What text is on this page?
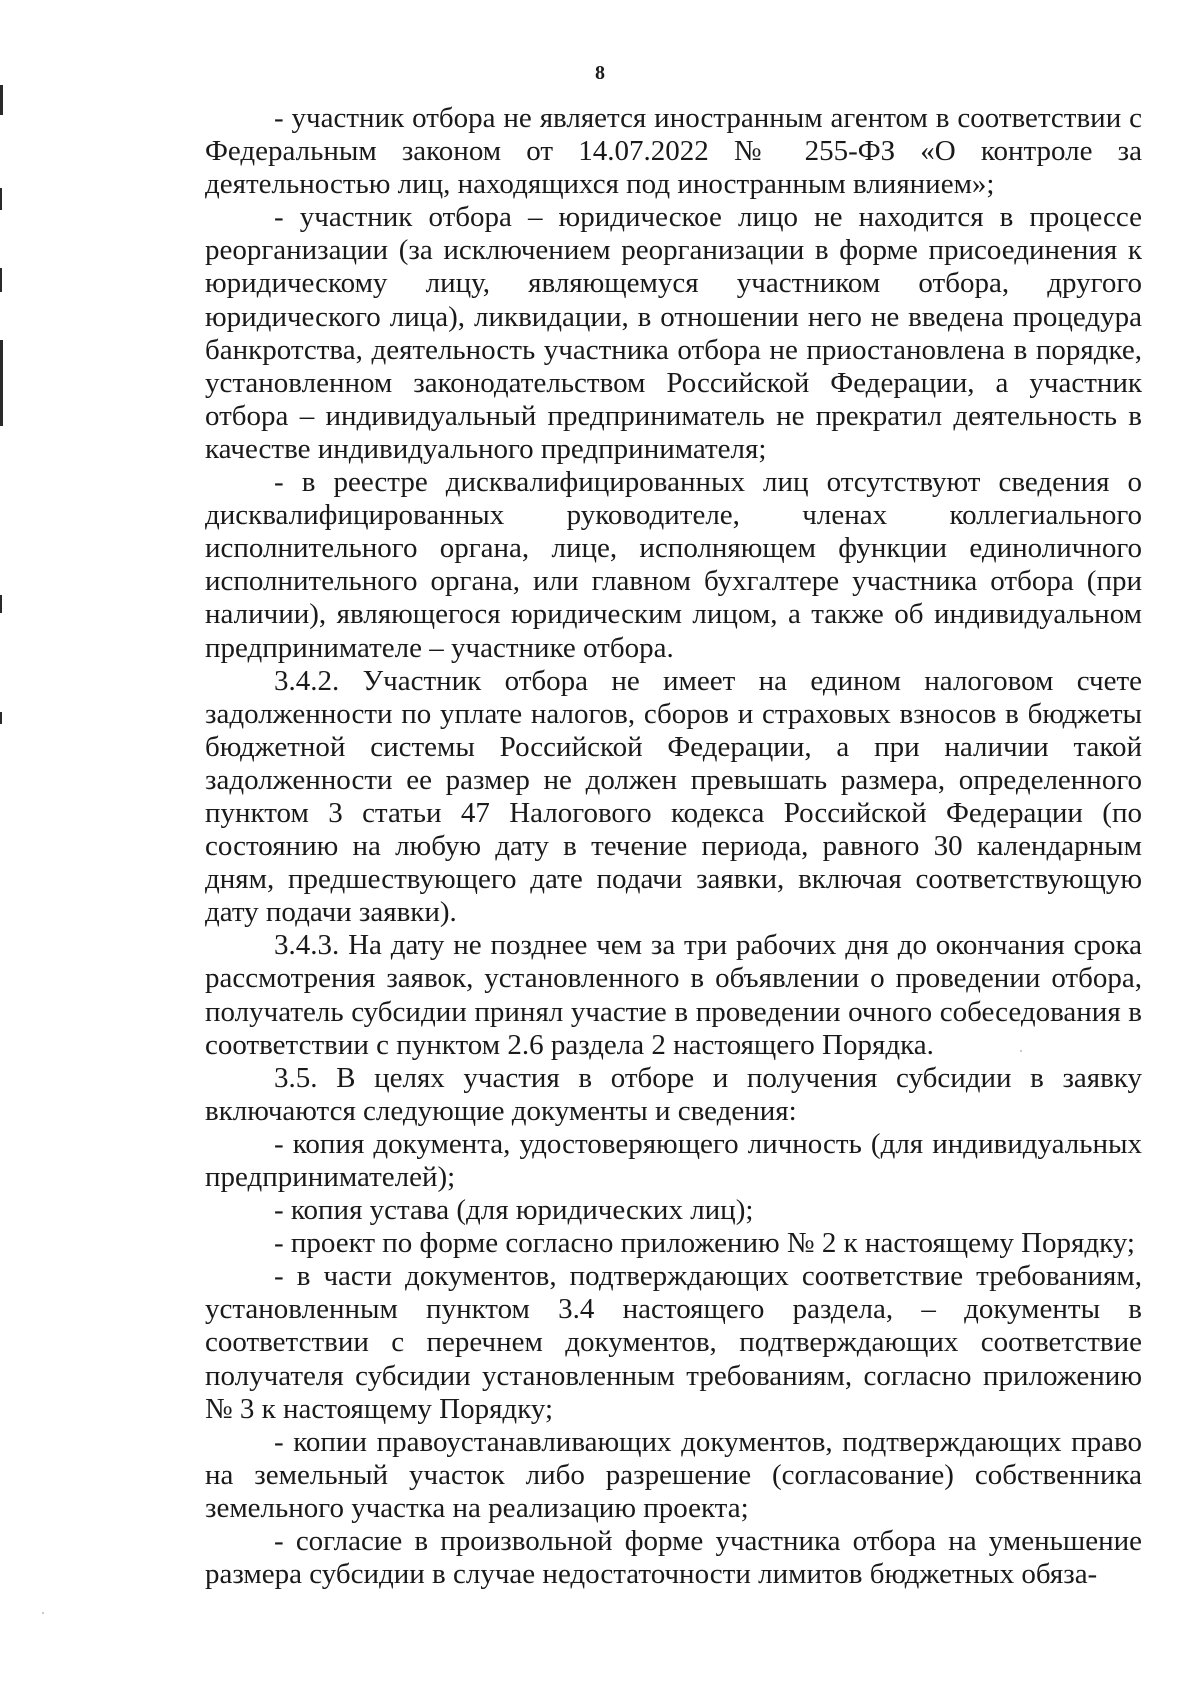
8

- участник отбора не является иностранным агентом в соответствии с Федеральным законом от 14.07.2022 № 255-ФЗ «О контроле за деятельностью лиц, находящихся под иностранным влиянием»;

- участник отбора – юридическое лицо не находится в процессе реорганизации (за исключением реорганизации в форме присоединения к юридическому лицу, являющемуся участником отбора, другого юридического лица), ликвидации, в отношении него не введена процедура банкротства, деятельность участника отбора не приостановлена в порядке, установленном законодательством Российской Федерации, а участник отбора – индивидуальный предприниматель не прекратил деятельность в качестве индивидуального предпринимателя;

- в реестре дисквалифицированных лиц отсутствуют сведения о дисквалифицированных руководителе, членах коллегиального исполнительного органа, лице, исполняющем функции единоличного исполнительного органа, или главном бухгалтере участника отбора (при наличии), являющегося юридическим лицом, а также об индивидуальном предпринимателе – участнике отбора.

3.4.2. Участник отбора не имеет на едином налоговом счете задолженности по уплате налогов, сборов и страховых взносов в бюджеты бюджетной системы Российской Федерации, а при наличии такой задолженности ее размер не должен превышать размера, определенного пунктом 3 статьи 47 Налогового кодекса Российской Федерации (по состоянию на любую дату в течение периода, равного 30 календарным дням, предшествующего дате подачи заявки, включая соответствующую дату подачи заявки).

3.4.3. На дату не позднее чем за три рабочих дня до окончания срока рассмотрения заявок, установленного в объявлении о проведении отбора, получатель субсидии принял участие в проведении очного собеседования в соответствии с пунктом 2.6 раздела 2 настоящего Порядка.

3.5. В целях участия в отборе и получения субсидии в заявку включаются следующие документы и сведения:

- копия документа, удостоверяющего личность (для индивидуальных предпринимателей);

- копия устава (для юридических лиц);

- проект по форме согласно приложению № 2 к настоящему Порядку;

- в части документов, подтверждающих соответствие требованиям, установленным пунктом 3.4 настоящего раздела, – документы в соответствии с перечнем документов, подтверждающих соответствие получателя субсидии установленным требованиям, согласно приложению № 3 к настоящему Порядку;

- копии правоустанавливающих документов, подтверждающих право на земельный участок либо разрешение (согласование) собственника земельного участка на реализацию проекта;

- согласие в произвольной форме участника отбора на уменьшение размера субсидии в случае недостаточности лимитов бюджетных обяза-
